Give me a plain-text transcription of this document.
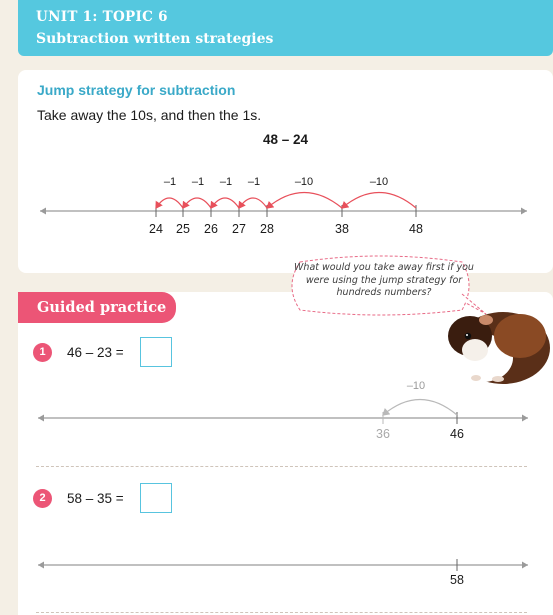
UNIT 1: TOPIC 6
Subtraction written strategies
Jump strategy for subtraction
Take away the 10s, and then the 1s.
48 – 24
Guided practice
1	46 – 23 =
2	58 – 35 =
24 25 26 27 28	38	48
–1 –1 –1 –1	–10	–10
–10
36	46
58
What would you take away first if you were using the jump strategy for hundreds numbers?
